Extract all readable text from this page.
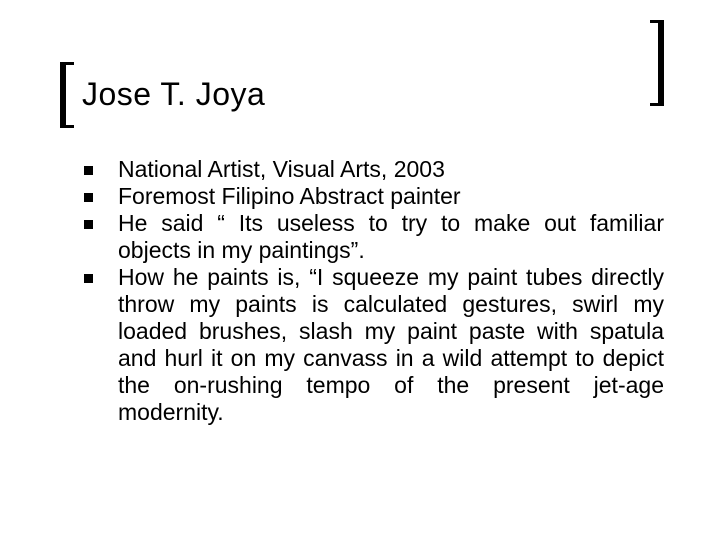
Jose T. Joya
National Artist, Visual Arts, 2003
Foremost Filipino Abstract painter
He said “ Its useless to try to make out familiar objects in my paintings”.
How he paints is, “I squeeze my paint tubes directly throw my paints is calculated gestures, swirl my loaded brushes, slash my paint paste with spatula and hurl it on my canvass in a wild attempt to depict the on-rushing tempo of the present jet-age modernity.
